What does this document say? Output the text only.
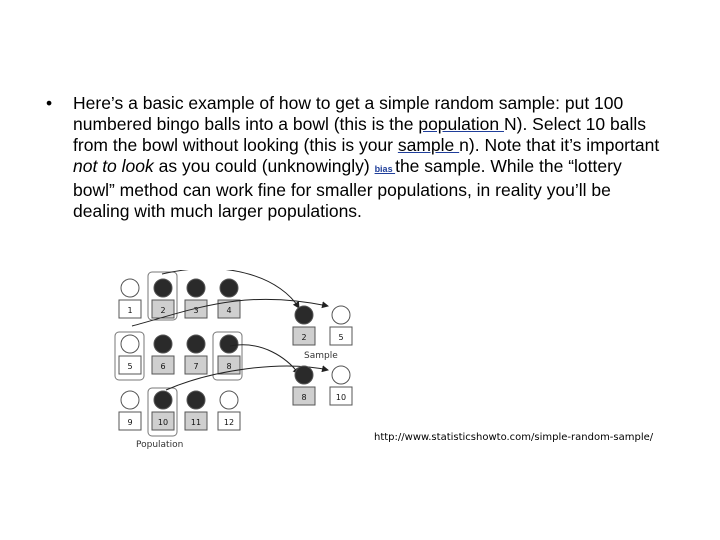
• Here’s a basic example of how to get a simple random sample: put 100 numbered bingo balls into a bowl (this is the population N). Select 10 balls from the bowl without looking (this is your sample n). Note that it’s important not to look as you could (unknowingly) bias the sample. While the “lottery bowl” method can work fine for smaller populations, in reality you’ll be dealing with much larger populations.
1	2	3	4
5	6	7	8
9	10	11	12
Population
2	5
8	10
Sample
http://www.statisticshowto.com/simple-random-sample/
